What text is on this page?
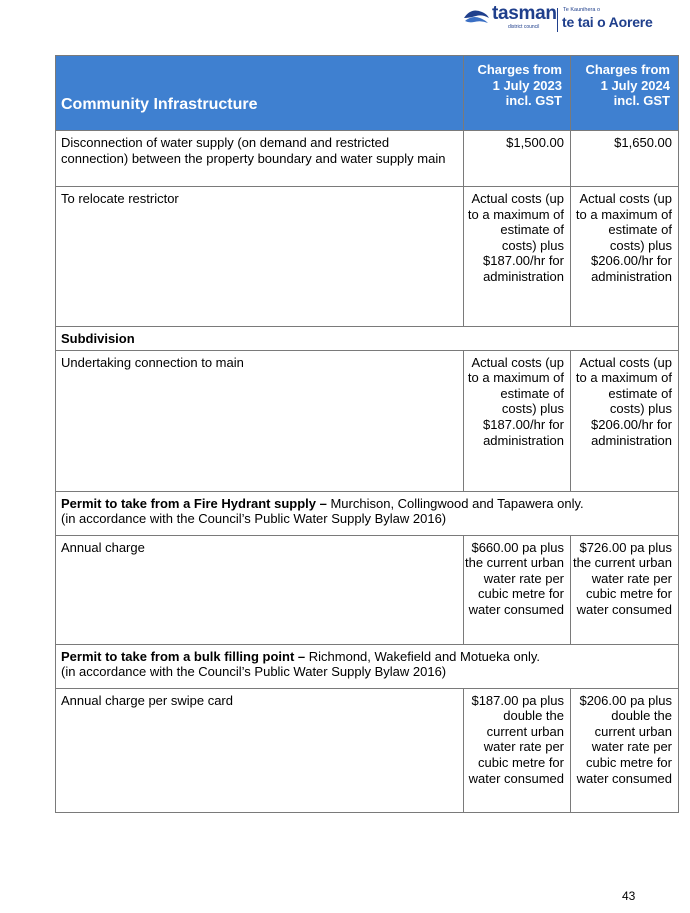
tasman
district council
Te Kaunihera o
te tai o Aorere
Community Infrastructure	Charges from 1 July 2023 incl. GST	Charges from 1 July 2024 incl. GST
Disconnection of water supply (on demand and restricted connection) between the property boundary and water supply main	$1,500.00	$1,650.00
To relocate restrictor	Actual costs (up to a maximum of estimate of costs) plus $187.00/hr for administration	Actual costs (up to a maximum of estimate of costs) plus $206.00/hr for administration
Subdivision		
Undertaking connection to main	Actual costs (up to a maximum of estimate of costs) plus $187.00/hr for administration	Actual costs (up to a maximum of estimate of costs) plus $206.00/hr for administration
Permit to take from a Fire Hydrant supply – Murchison, Collingwood and Tapawera only.
(in accordance with the Council’s Public Water Supply Bylaw 2016)		
Annual charge	$660.00 pa plus the current urban water rate per cubic metre for water consumed	$726.00 pa plus the current urban water rate per cubic metre for water consumed
Permit to take from a bulk filling point – Richmond, Wakefield and Motueka only.
(in accordance with the Council’s Public Water Supply Bylaw 2016)		
Annual charge per swipe card	$187.00 pa plus double the current urban water rate per cubic metre for water consumed	$206.00 pa plus double the current urban water rate per cubic metre for water consumed
43
